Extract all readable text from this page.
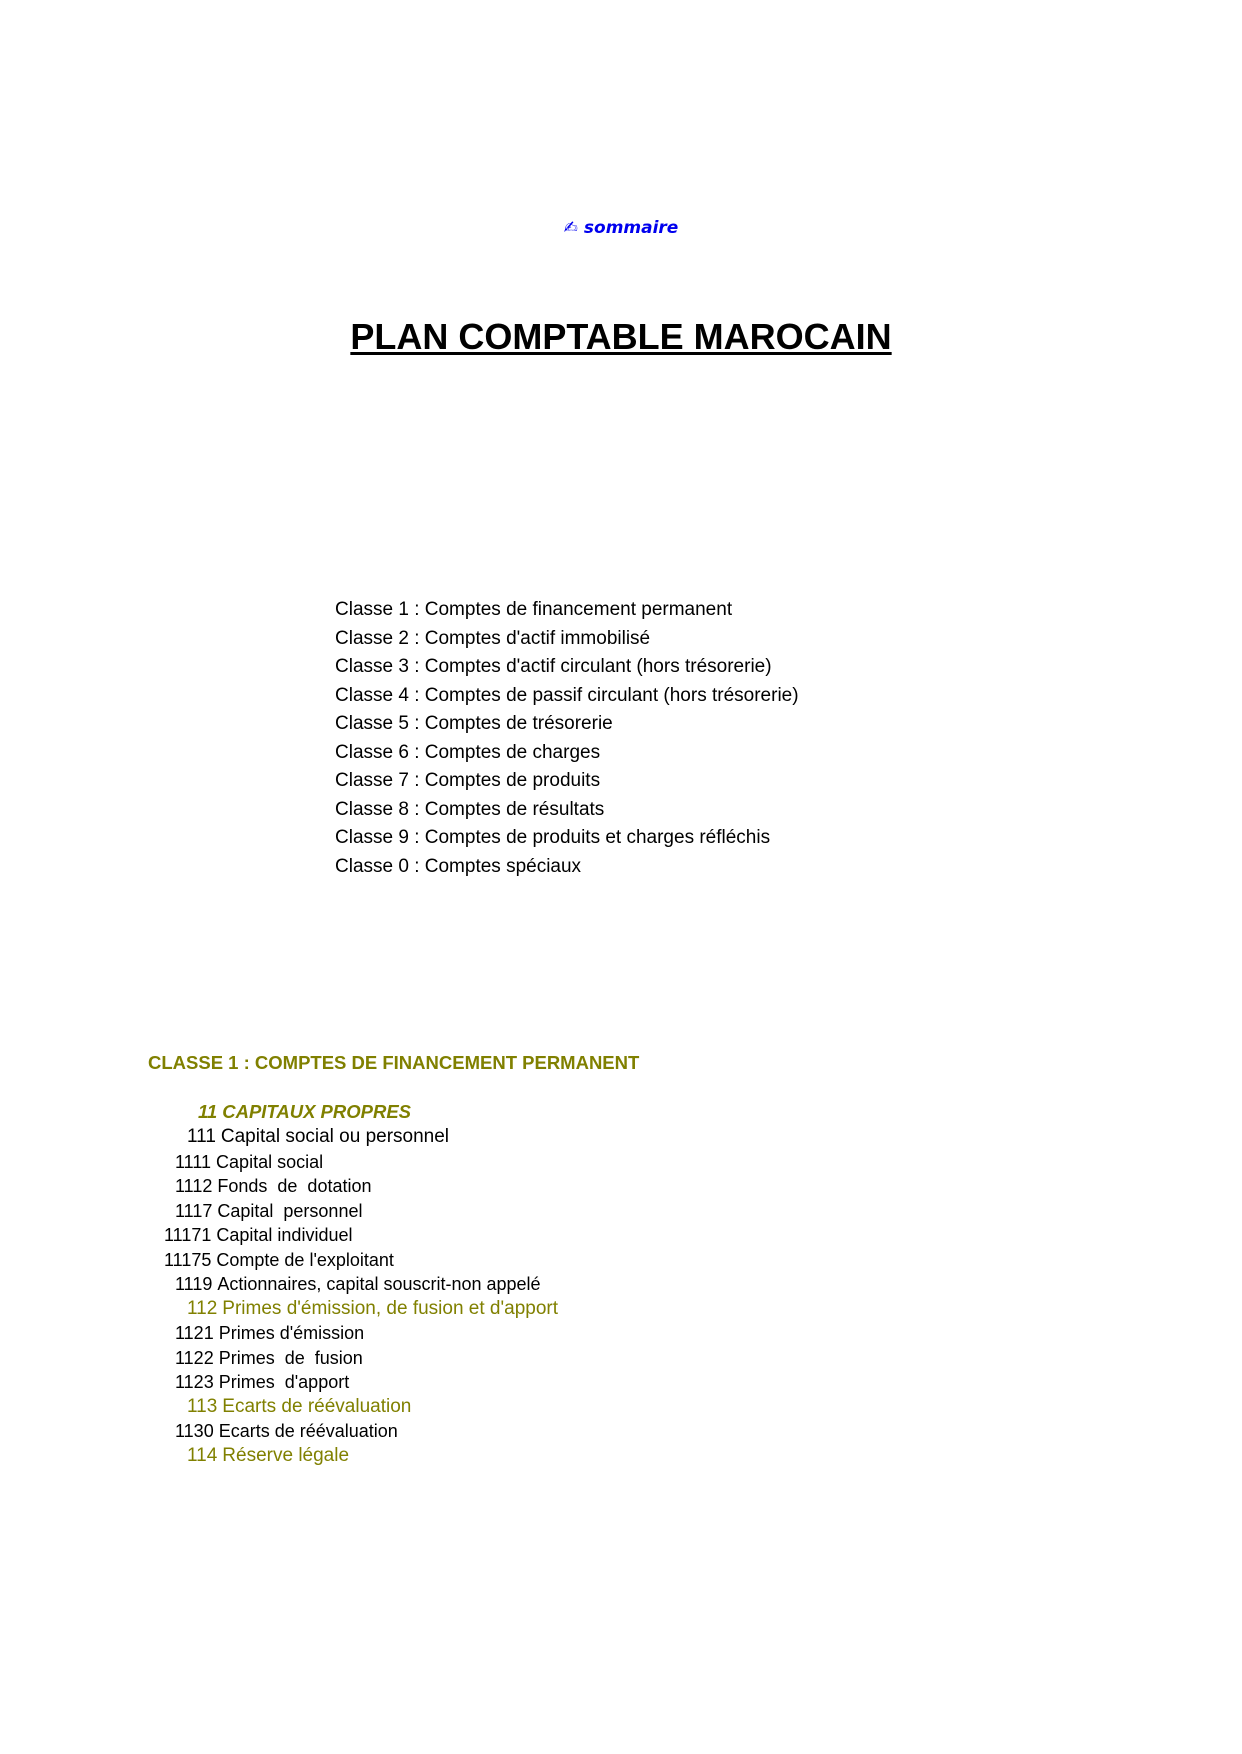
✍ sommaire
PLAN COMPTABLE MAROCAIN
Classe 1 : Comptes de financement permanent
Classe 2 : Comptes d'actif immobilisé
Classe 3 : Comptes d'actif circulant (hors trésorerie)
Classe 4 : Comptes de passif circulant (hors trésorerie)
Classe 5 : Comptes de trésorerie
Classe 6 : Comptes de charges
Classe 7 : Comptes de produits
Classe 8 : Comptes de résultats
Classe 9 : Comptes de produits et charges réfléchis
Classe 0 : Comptes spéciaux
CLASSE 1 : COMPTES DE FINANCEMENT PERMANENT
11 CAPITAUX PROPRES
111 Capital social ou personnel
1111 Capital social
1112 Fonds  de  dotation
1117 Capital  personnel
11171 Capital individuel
11175 Compte de l'exploitant
1119 Actionnaires, capital souscrit-non appelé
112 Primes d'émission, de fusion et d'apport
1121 Primes d'émission
1122 Primes  de  fusion
1123 Primes  d'apport
113 Ecarts de réévaluation
1130 Ecarts de réévaluation
114 Réserve légale
